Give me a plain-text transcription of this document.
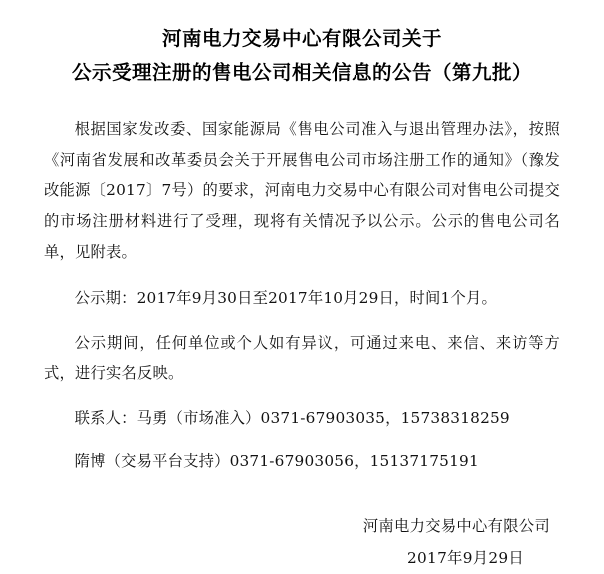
河南电力交易中心有限公司关于
公示受理注册的售电公司相关信息的公告（第九批）

根据国家发改委、国家能源局《售电公司准入与退出管理办法》，按照《河南省发展和改革委员会关于开展售电公司市场注册工作的通知》（豫发改能源〔2017〕7号）的要求，河南电力交易中心有限公司对售电公司提交的市场注册材料进行了受理，现将有关情况予以公示。公示的售电公司名单，见附表。

公示期：2017年9月30日至2017年10月29日，时间1个月。

公示期间，任何单位或个人如有异议，可通过来电、来信、来访等方式，进行实名反映。

联系人：马勇（市场准入）0371-67903035，15738318259

隋博（交易平台支持）0371-67903056，15137175191

河南电力交易中心有限公司
2017年9月29日
